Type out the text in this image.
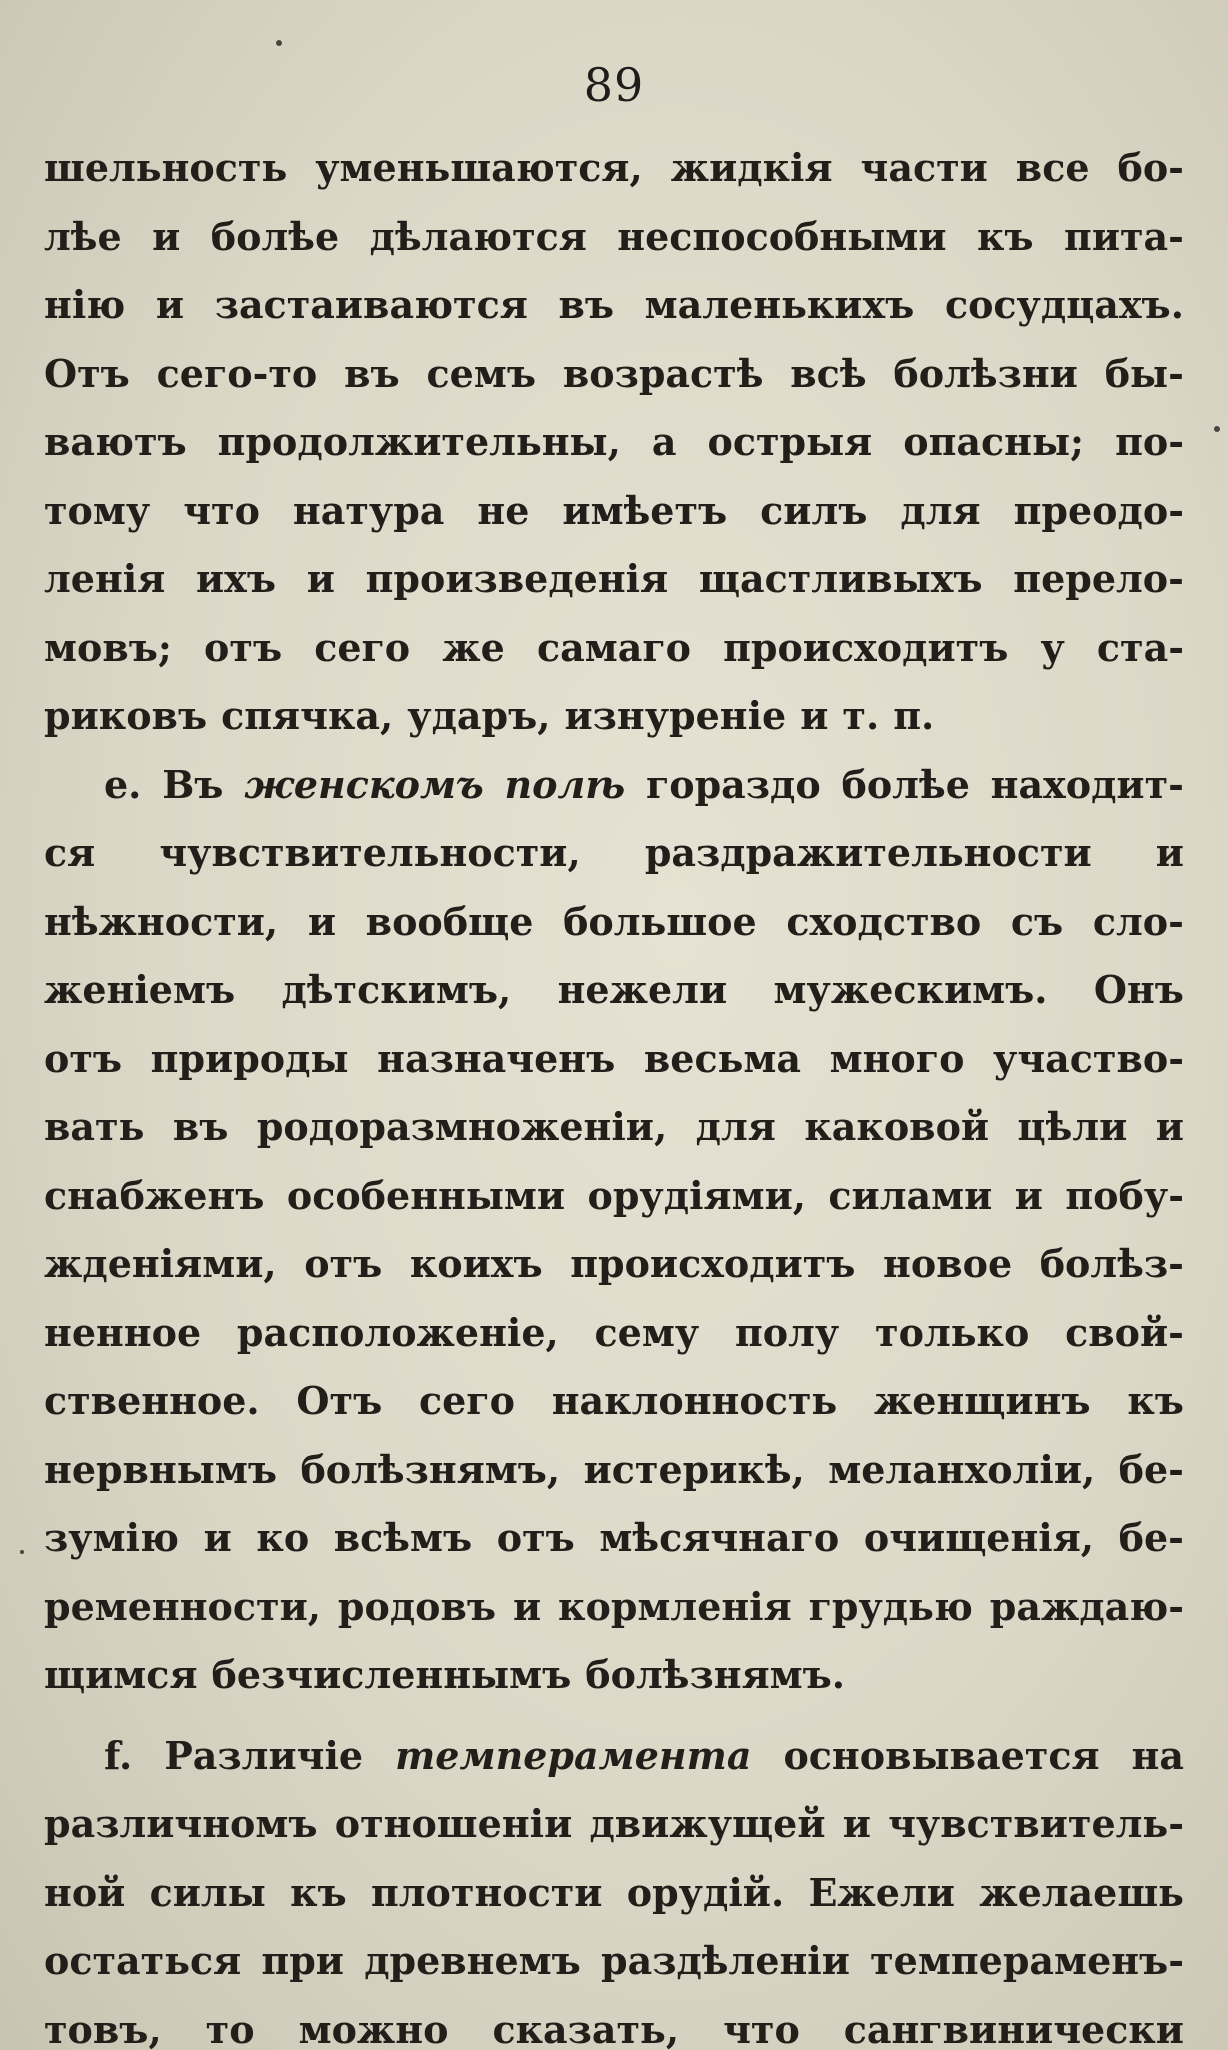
89
шельность уменьшаются, жидкія части все бо-
лѣе и болѣе дѣлаются неспособными къ пита-
нію и застаиваются въ маленькихъ сосудцахъ.
Отъ сего-то въ семъ возрастѣ всѣ болѣзни бы-
ваютъ продолжительны, а острыя опасны; по-
тому что натура не имѣетъ силъ для преодо-
ленія ихъ и произведенія щастливыхъ перело-
мовъ; отъ сего же самаго происходитъ у ста-
риковъ спячка, ударъ, изнуреніе и т. п.
e. Въ женскомъ полѣ гораздо болѣе находит-
ся чувствительности, раздражительности и
нѣжности, и вообще большое сходство съ сло-
женіемъ дѣтскимъ, нежели мужескимъ. Онъ
отъ природы назначенъ весьма много участво-
вать въ родоразмноженіи, для каковой цѣли и
снабженъ особенными орудіями, силами и побу-
жденіями, отъ коихъ происходитъ новое болѣз-
ненное расположеніе, сему полу только свой-
ственное. Отъ сего наклонность женщинъ къ
нервнымъ болѣзнямъ, истерикѣ, меланхоліи, бе-
зумію и ко всѣмъ отъ мѣсячнаго очищенія, бе-
ременности, родовъ и кормленія грудью раждаю-
щимся безчисленнымъ болѣзнямъ.
f. Различіе темперамента основывается на
различномъ отношеніи движущей и чувствитель-
ной силы къ плотности орудій. Ежели желаешь
остаться при древнемъ раздѣленіи темпераменъ-
товъ, то можно сказать, что сангвинически
